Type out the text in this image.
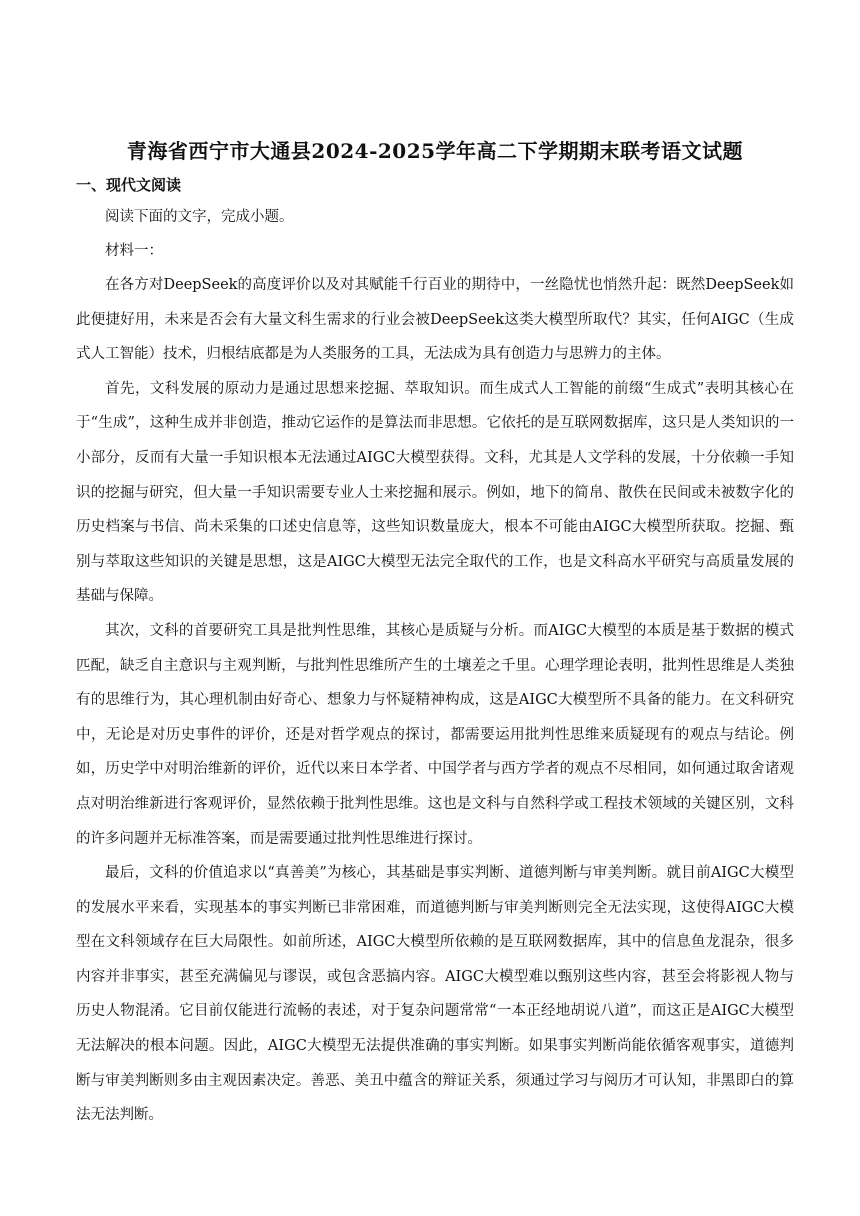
青海省西宁市大通县2024-2025学年高二下学期期末联考语文试题
一、现代文阅读

阅读下面的文字，完成小题。

材料一：

在各方对DeepSeek的高度评价以及对其赋能千行百业的期待中，一丝隐忧也悄然升起：既然DeepSeek如此便捷好用，未来是否会有大量文科生需求的行业会被DeepSeek这类大模型所取代？其实，任何AIGC（生成式人工智能）技术，归根结底都是为人类服务的工具，无法成为具有创造力与思辨力的主体。

首先，文科发展的原动力是通过思想来挖掘、萃取知识。而生成式人工智能的前缀“生成式”表明其核心在于“生成”，这种生成并非创造，推动它运作的是算法而非思想。它依托的是互联网数据库，这只是人类知识的一小部分，反而有大量一手知识根本无法通过AIGC大模型获得。文科，尤其是人文学科的发展，十分依赖一手知识的挖掘与研究，但大量一手知识需要专业人士来挖掘和展示。例如，地下的简帛、散佚在民间或未被数字化的历史档案与书信、尚未采集的口述史信息等，这些知识数量庞大，根本不可能由AIGC大模型所获取。挖掘、甄别与萃取这些知识的关键是思想，这是AIGC大模型无法完全取代的工作，也是文科高水平研究与高质量发展的基础与保障。

其次，文科的首要研究工具是批判性思维，其核心是质疑与分析。而AIGC大模型的本质是基于数据的模式匹配，缺乏自主意识与主观判断，与批判性思维所产生的土壤差之千里。心理学理论表明，批判性思维是人类独有的思维行为，其心理机制由好奇心、想象力与怀疑精神构成，这是AIGC大模型所不具备的能力。在文科研究中，无论是对历史事件的评价，还是对哲学观点的探讨，都需要运用批判性思维来质疑现有的观点与结论。例如，历史学中对明治维新的评价，近代以来日本学者、中国学者与西方学者的观点不尽相同，如何通过取舍诸观点对明治维新进行客观评价，显然依赖于批判性思维。这也是文科与自然科学或工程技术领域的关键区别，文科的许多问题并无标准答案，而是需要通过批判性思维进行探讨。

最后，文科的价值追求以“真善美”为核心，其基础是事实判断、道德判断与审美判断。就目前AIGC大模型的发展水平来看，实现基本的事实判断已非常困难，而道德判断与审美判断则完全无法实现，这使得AIGC大模型在文科领域存在巨大局限性。如前所述，AIGC大模型所依赖的是互联网数据库，其中的信息鱼龙混杂，很多内容并非事实，甚至充满偏见与谬误，或包含恶搞内容。AIGC大模型难以甄别这些内容，甚至会将影视人物与历史人物混淆。它目前仅能进行流畅的表述，对于复杂问题常常“一本正经地胡说八道”，而这正是AIGC大模型无法解决的根本问题。因此，AIGC大模型无法提供准确的事实判断。如果事实判断尚能依循客观事实，道德判断与审美判断则多由主观因素决定。善恶、美丑中蕴含的辩证关系，须通过学习与阅历才可认知，非黑即白的算法无法判断。
